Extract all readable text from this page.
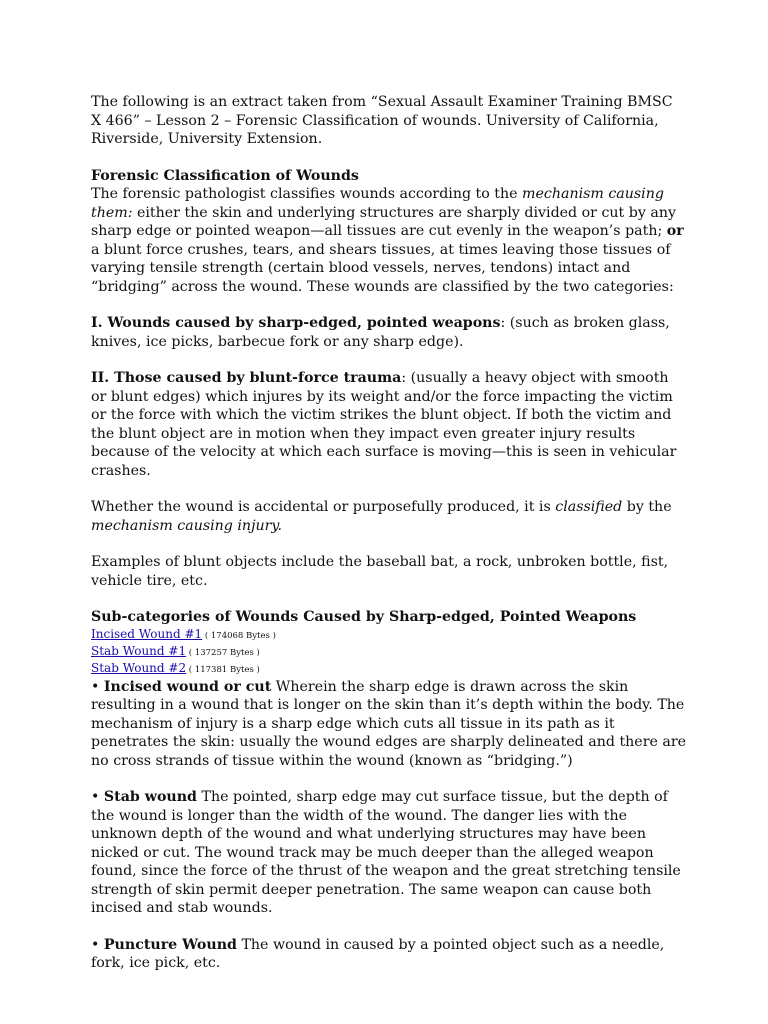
The following is an extract taken from “Sexual Assault Examiner Training BMSC X 466” – Lesson 2 – Forensic Classification of wounds. University of California, Riverside, University Extension.

Forensic Classification of Wounds

The forensic pathologist classifies wounds according to the mechanism causing them: either the skin and underlying structures are sharply divided or cut by any sharp edge or pointed weapon—all tissues are cut evenly in the weapon’s path; or a blunt force crushes, tears, and shears tissues, at times leaving those tissues of varying tensile strength (certain blood vessels, nerves, tendons) intact and “bridging” across the wound. These wounds are classified by the two categories:

I. Wounds caused by sharp-edged, pointed weapons: (such as broken glass, knives, ice picks, barbecue fork or any sharp edge).

II. Those caused by blunt-force trauma: (usually a heavy object with smooth or blunt edges) which injures by its weight and/or the force impacting the victim or the force with which the victim strikes the blunt object. If both the victim and the blunt object are in motion when they impact even greater injury results because of the velocity at which each surface is moving—this is seen in vehicular crashes.

Whether the wound is accidental or purposefully produced, it is classified by the mechanism causing injury.

Examples of blunt objects include the baseball bat, a rock, unbroken bottle, fist, vehicle tire, etc.

Sub-categories of Wounds Caused by Sharp-edged, Pointed Weapons

Incised Wound #1 ( 174068 Bytes )
Stab Wound #1 ( 137257 Bytes )
Stab Wound #2 ( 117381 Bytes )

• Incised wound or cut Wherein the sharp edge is drawn across the skin resulting in a wound that is longer on the skin than it’s depth within the body. The mechanism of injury is a sharp edge which cuts all tissue in its path as it penetrates the skin: usually the wound edges are sharply delineated and there are no cross strands of tissue within the wound (known as “bridging.”)

• Stab wound The pointed, sharp edge may cut surface tissue, but the depth of the wound is longer than the width of the wound. The danger lies with the unknown depth of the wound and what underlying structures may have been nicked or cut. The wound track may be much deeper than the alleged weapon found, since the force of the thrust of the weapon and the great stretching tensile strength of skin permit deeper penetration. The same weapon can cause both incised and stab wounds.

• Puncture Wound The wound in caused by a pointed object such as a needle, fork, ice pick, etc.
